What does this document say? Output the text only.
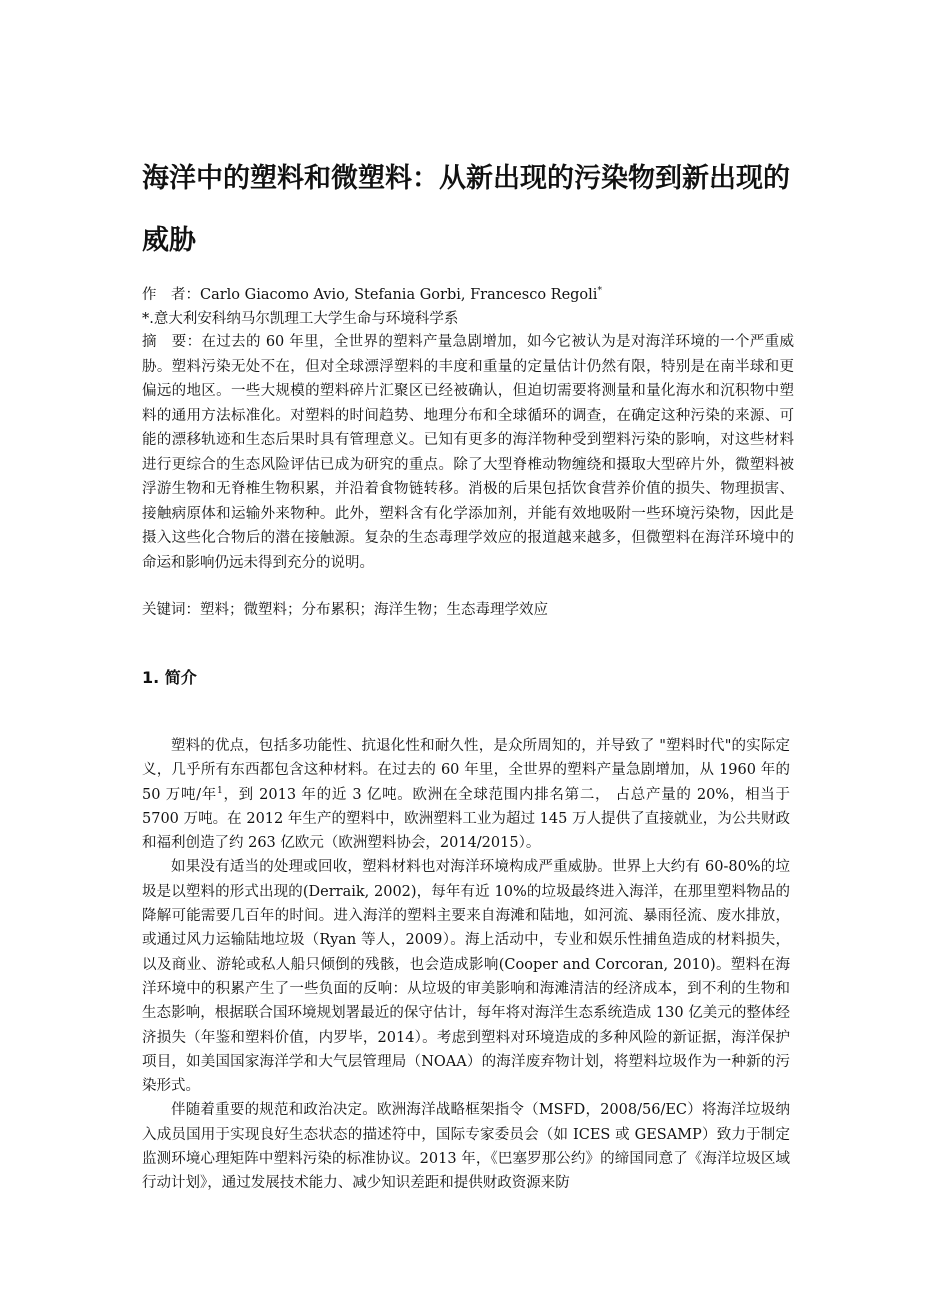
海洋中的塑料和微塑料：从新出现的污染物到新出现的威胁
作　者：Carlo Giacomo Avio, Stefania Gorbi, Francesco Regoli*
*.意大利安科纳马尔凯理工大学生命与环境科学系

摘　要：在过去的 60 年里，全世界的塑料产量急剧增加，如今它被认为是对海洋环境的一个严重威胁。塑料污染无处不在，但对全球漂浮塑料的丰度和重量的定量估计仍然有限，特别是在南半球和更偏远的地区。一些大规模的塑料碎片汇聚区已经被确认，但迫切需要将测量和量化海水和沉积物中塑料的通用方法标准化。对塑料的时间趋势、地理分布和全球循环的调查，在确定这种污染的来源、可能的漂移轨迹和生态后果时具有管理意义。已知有更多的海洋物种受到塑料污染的影响，对这些材料进行更综合的生态风险评估已成为研究的重点。除了大型脊椎动物缠绕和摄取大型碎片外，微塑料被浮游生物和无脊椎生物积累，并沿着食物链转移。消极的后果包括饮食营养价值的损失、物理损害、接触病原体和运输外来物种。此外，塑料含有化学添加剂，并能有效地吸附一些环境污染物，因此是摄入这些化合物后的潜在接触源。复杂的生态毒理学效应的报道越来越多，但微塑料在海洋环境中的命运和影响仍远未得到充分的说明。

关键词：塑料；微塑料；分布累积；海洋生物；生态毒理学效应
1. 简介

塑料的优点，包括多功能性、抗退化性和耐久性，是众所周知的，并导致了 "塑料时代"的实际定义，几乎所有东西都包含这种材料。在过去的 60 年里，全世界的塑料产量急剧增加，从 1960 年的 50 万吨/年$^1$，到 2013 年的近 3 亿吨。欧洲在全球范围内排名第二， 占总产量的 20%，相当于 5700 万吨。在 2012 年生产的塑料中，欧洲塑料工业为超过 145 万人提供了直接就业，为公共财政和福利创造了约 263 亿欧元（欧洲塑料协会，2014/2015）。

如果没有适当的处理或回收，塑料材料也对海洋环境构成严重威胁。世界上大约有 60-80%的垃圾是以塑料的形式出现的(Derraik, 2002)，每年有近 10%的垃圾最终进入海洋，在那里塑料物品的降解可能需要几百年的时间。进入海洋的塑料主要来自海滩和陆地，如河流、暴雨径流、废水排放，或通过风力运输陆地垃圾（Ryan 等人，2009）。海上活动中，专业和娱乐性捕鱼造成的材料损失，以及商业、游轮或私人船只倾倒的残骸，也会造成影响(Cooper and Corcoran, 2010)。塑料在海洋环境中的积累产生了一些负面的反响：从垃圾的审美影响和海滩清洁的经济成本，到不利的生物和生态影响，根据联合国环境规划署最近的保守估计，每年将对海洋生态系统造成 130 亿美元的整体经济损失（年鉴和塑料价值，内罗毕，2014）。考虑到塑料对环境造成的多种风险的新证据，海洋保护项目，如美国国家海洋学和大气层管理局（NOAA）的海洋废弃物计划，将塑料垃圾作为一种新的污染形式。

伴随着重要的规范和政治决定。欧洲海洋战略框架指令（MSFD，2008/56/EC）将海洋垃圾纳入成员国用于实现良好生态状态的描述符中，国际专家委员会（如 ICES 或 GESAMP）致力于制定监测环境心理矩阵中塑料污染的标准协议。2013 年，《巴塞罗那公约》的缔国同意了《海洋垃圾区域行动计划》，通过发展技术能力、减少知识差距和提供财政资源来防
